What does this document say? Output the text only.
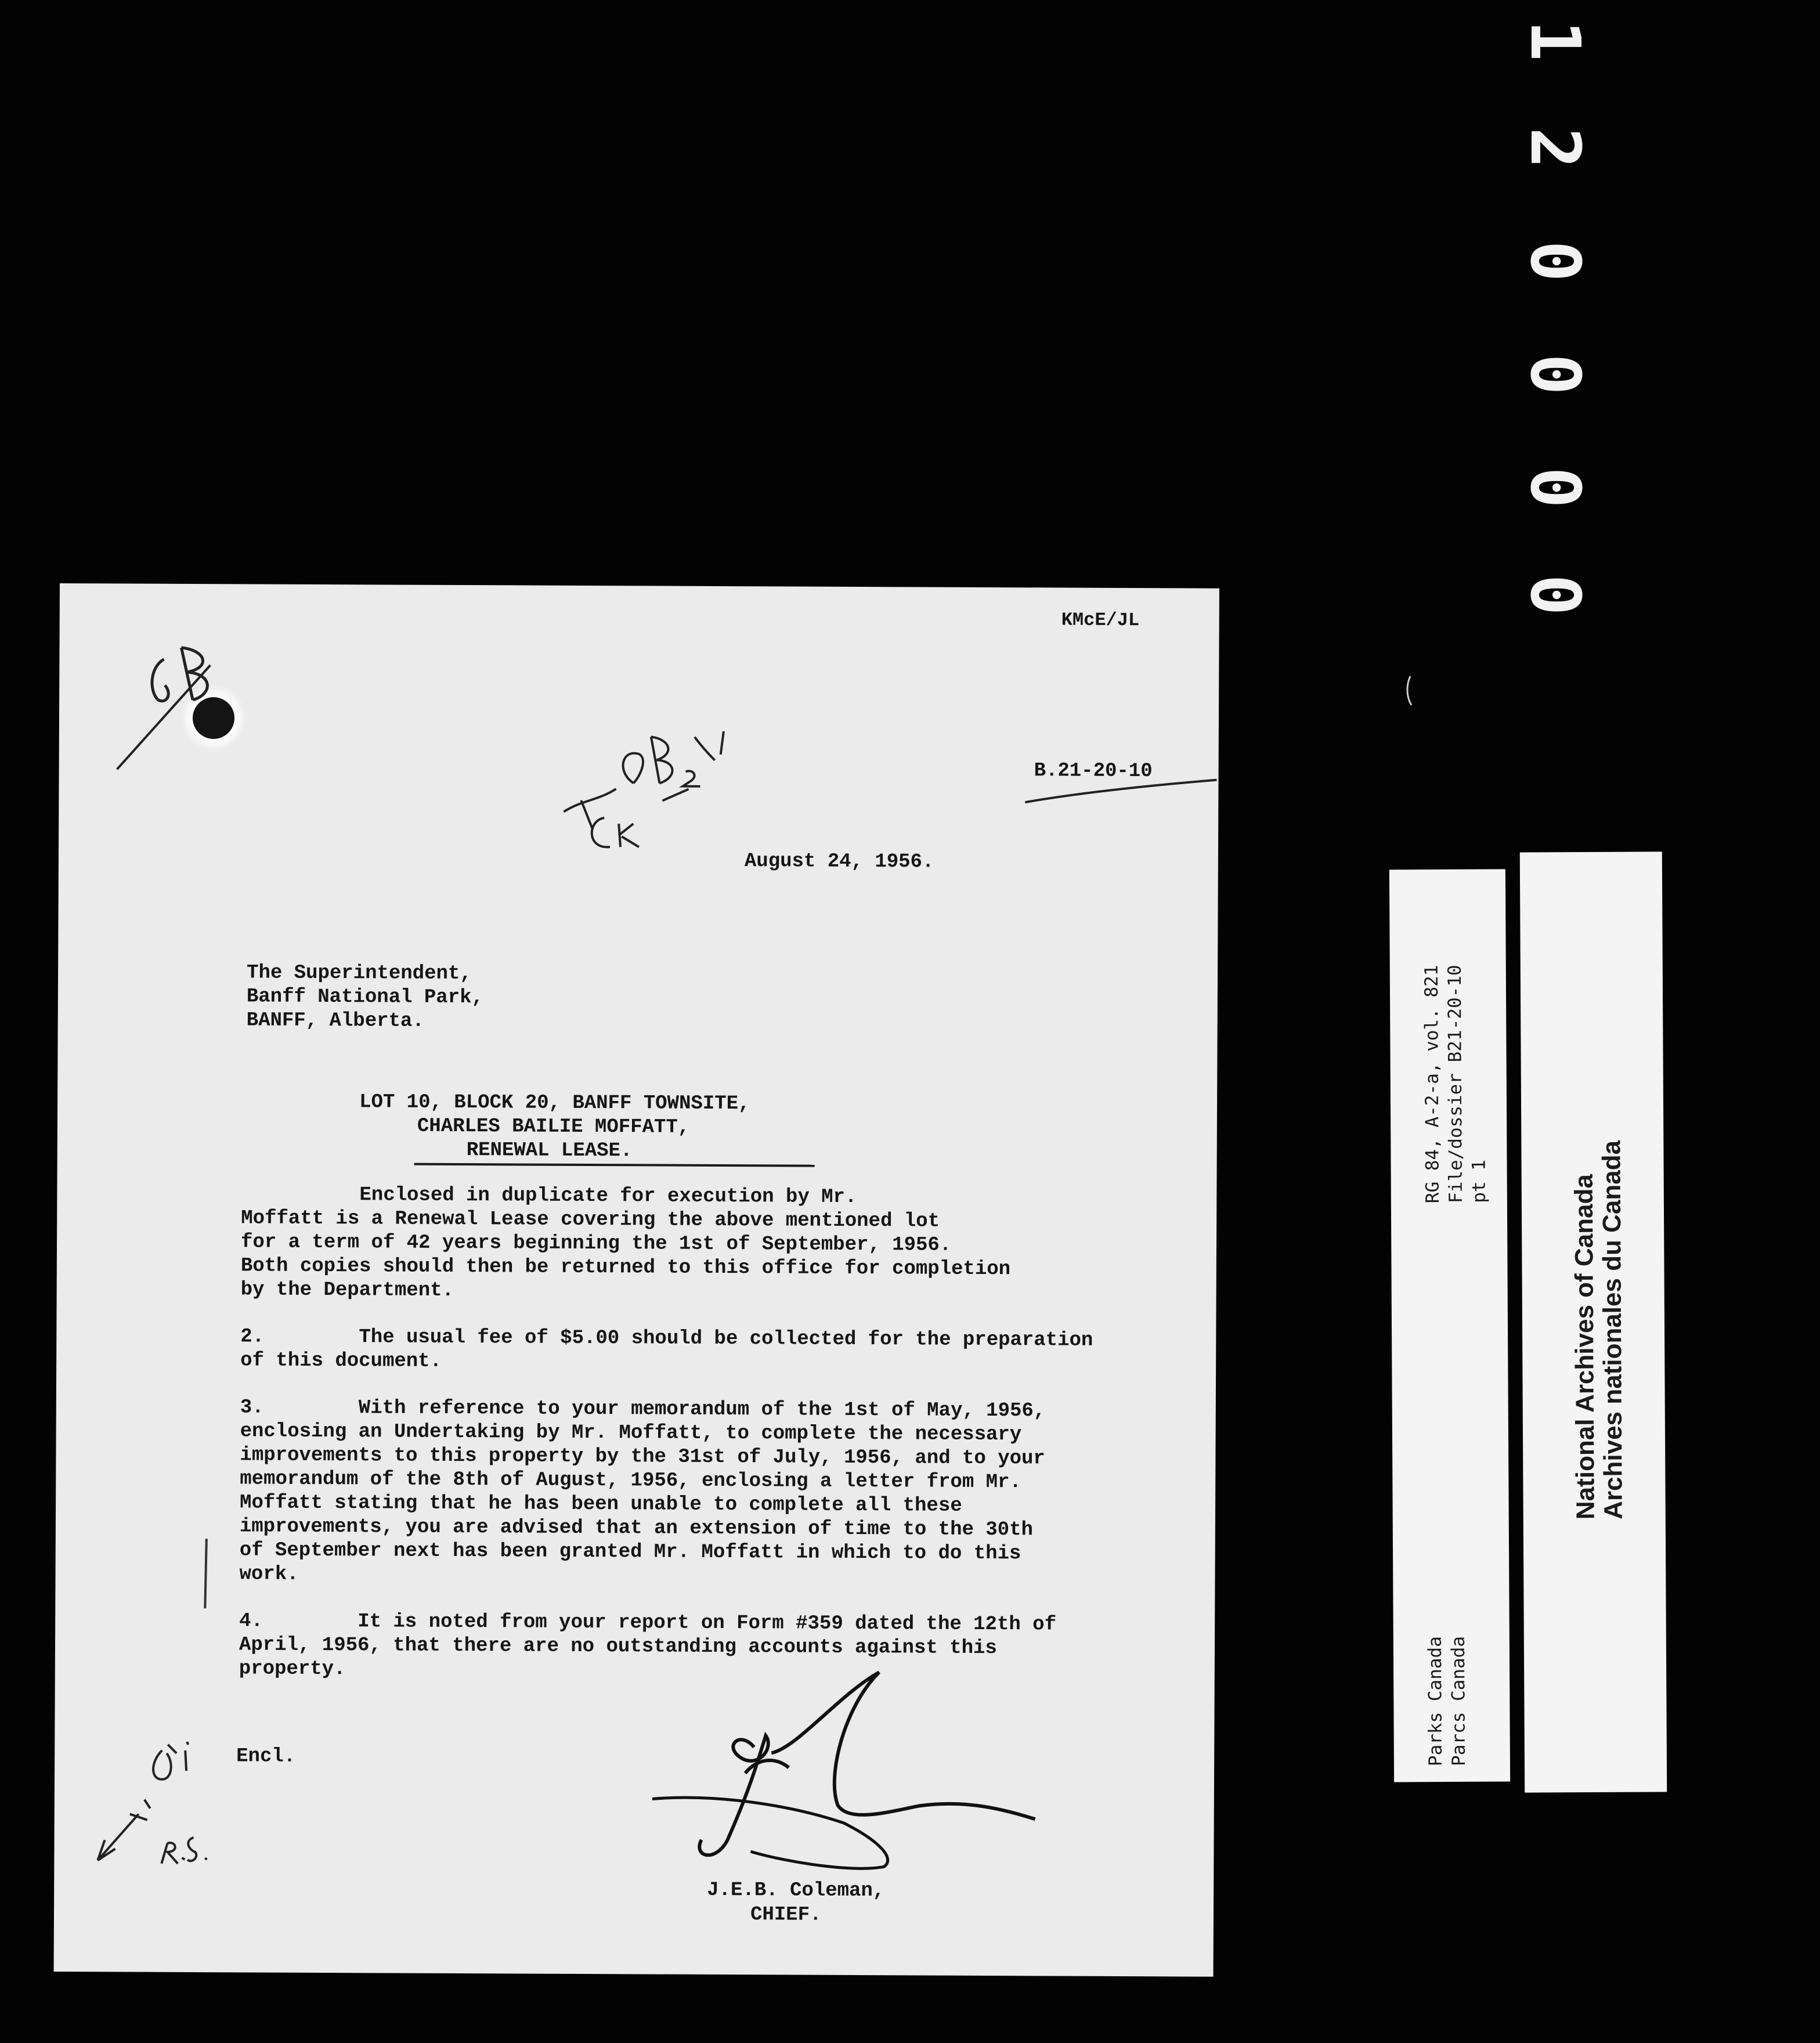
1
2
0
0
0
0
KMcE/JL
B.21-20-10
August 24, 1956.
The Superintendent,
Banff National Park,
BANFF, Alberta.
LOT 10, BLOCK 20, BANFF TOWNSITE,
CHARLES BAILIE MOFFATT,
RENEWAL LEASE.
Enclosed in duplicate for execution by Mr.
Moffatt is a Renewal Lease covering the above mentioned lot
for a term of 42 years beginning the 1st of September, 1956.
Both copies should then be returned to this office for completion
by the Department.
2.        The usual fee of $5.00 should be collected for the preparation
of this document.
3.        With reference to your memorandum of the 1st of May, 1956,
enclosing an Undertaking by Mr. Moffatt, to complete the necessary
improvements to this property by the 31st of July, 1956, and to your
memorandum of the 8th of August, 1956, enclosing a letter from Mr.
Moffatt stating that he has been unable to complete all these
improvements, you are advised that an extension of time to the 30th
of September next has been granted Mr. Moffatt in which to do this
work.
4.        It is noted from your report on Form #359 dated the 12th of
April, 1956, that there are no outstanding accounts against this
property.
Encl.
J.E.B. Coleman,
CHIEF.
RG 84, A-2-a, vol. 821 File/dossier B21-20-10 pt 1
Parks Canada Parcs Canada
National Archives of Canada
Archives nationales du Canada
